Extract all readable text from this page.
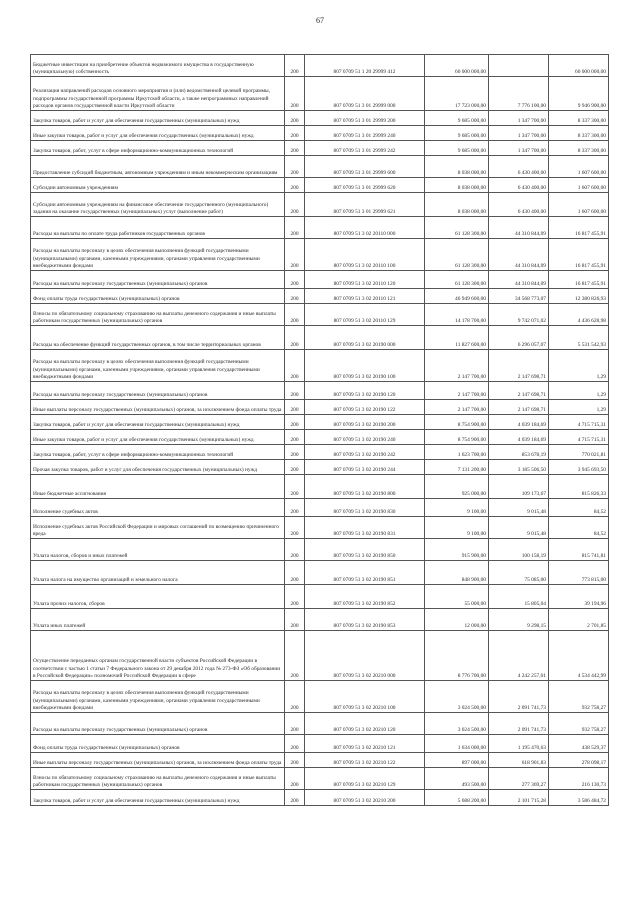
67
Бюджетные инвестиции на приобретение объектов недвижимого имущества в государственную (муниципальную) собственность	200	807 0709 51 1 20 29999 412	60 000 000,00		60 000 000,00
Реализация направлений расходов основного мероприятия и (или) ведомственной целевой программы, подпрограммы государственной программы Иркутской области, а также непрограммных направлений расходов органов государственной власти Иркутской области	200	807 0709 51 3 01 29999 000	17 723 000,00	7 776 100,00	9 946 900,00
Закупка товаров, работ и услуг для обеспечения государственных (муниципальных) нужд	200	807 0709 51 3 01 29999 200	9 685 000,00	1 347 700,00	8 337 300,00
Иные закупки товаров, работ и услуг для обеспечения государственных (муниципальных) нужд	200	807 0709 51 3 01 29999 240	9 685 000,00	1 347 700,00	8 337 300,00
Закупка товаров, работ, услуг в сфере информационно-коммуникационных технологий	200	807 0709 51 3 01 29999 242	9 685 000,00	1 347 700,00	8 337 300,00
Предоставление субсидий бюджетным, автономным учреждениям и иным некоммерческим организациям	200	807 0709 51 3 01 29999 600	8 038 000,00	6 430 400,00	1 607 600,00
Субсидии автономным учреждениям	200	807 0709 51 3 01 29999 620	8 038 000,00	6 430 400,00	1 607 600,00
Субсидии автономным учреждениям на финансовое обеспечение государственного (муниципального) задания на оказание государственных (муниципальных) услуг (выполнение работ)	200	807 0709 51 3 01 29999 621	8 038 000,00	6 430 400,00	1 607 600,00
Расходы на выплаты по оплате труда работников государственных органов	200	807 0709 51 3 02 20110 000	61 128 300,00	44 310 844,09	16 817 455,91
Расходы на выплаты персоналу в целях обеспечения выполнения функций государственными (муниципальными) органами, казенными учреждениями, органами управления государственными внебюджетными фондами	200	807 0709 51 3 02 20110 100	61 128 300,00	44 310 844,09	16 817 455,91
Расходы на выплаты персоналу государственных (муниципальных) органов	200	807 0709 51 3 02 20110 120	61 128 300,00	44 310 844,09	16 817 455,91
Фонд оплаты труда государственных (муниципальных) органов	200	807 0709 51 3 02 20110 121	46 949 600,00	34 568 773,07	12 380 826,93
Взносы по обязательному социальному страхованию на выплаты денежного содержания и иные выплаты работникам государственных (муниципальных) органов	200	807 0709 51 3 02 20110 129	14 178 700,00	9 742 071,02	4 436 628,98
Расходы на обеспечение функций государственных органов, в том числе территориальных органов	200	807 0709 51 3 02 20190 000	11 827 600,00	6 296 057,07	5 531 542,93
Расходы на выплаты персоналу в целях обеспечения выполнения функций государственными (муниципальными) органами, казенными учреждениями, органами управления государственными внебюджетными фондами	200	807 0709 51 3 02 20190 100	2 147 700,00	2 147 698,71	1,29
Расходы на выплаты персоналу государственных (муниципальных) органов	200	807 0709 51 3 02 20190 120	2 147 700,00	2 147 698,71	1,29
Иные выплаты персоналу государственных (муниципальных) органов, за исключением фонда оплаты труда	200	807 0709 51 3 02 20190 122	2 147 700,00	2 147 698,71	1,29
Закупка товаров, работ и услуг для обеспечения государственных (муниципальных) нужд	200	807 0709 51 3 02 20190 200	8 754 900,00	4 039 184,69	4 715 715,31
Иные закупки товаров, работ и услуг для обеспечения государственных (муниципальных) нужд	200	807 0709 51 3 02 20190 240	8 754 900,00	4 039 184,69	4 715 715,31
Закупка товаров, работ, услуг в сфере информационно-коммуникационных технологий	200	807 0709 51 3 02 20190 242	1 623 700,00	853 678,19	770 021,81
Прочая закупка товаров, работ и услуг для обеспечения государственных (муниципальных) нужд	200	807 0709 51 3 02 20190 244	7 131 200,00	3 185 506,50	3 945 693,50
Иные бюджетные ассигнования	200	807 0709 51 3 02 20190 800	925 000,00	109 173,67	815 826,33
Исполнение судебных актов	200	807 0709 51 3 02 20190 830	9 100,00	9 015,48	84,52
Исполнение судебных актов Российской Федерации и мировых соглашений по возмещению причиненного вреда	200	807 0709 51 3 02 20190 831	9 100,00	9 015,48	84,52
Уплата налогов, сборов и иных платежей	200	807 0709 51 3 02 20190 850	915 900,00	100 158,19	815 741,81
Уплата налога на имущество организаций и земельного налога	200	807 0709 51 3 02 20190 851	848 900,00	75 085,00	773 815,00
Уплата прочих налогов, сборов	200	807 0709 51 3 02 20190 852	55 000,00	15 805,04	39 194,96
Уплата иных платежей	200	807 0709 51 3 02 20190 853	12 000,00	9 298,15	2 701,85
Осуществление переданных органам государственной власти субъектов Российской Федерации в соответствии с частью 1 статьи 7 Федерального закона от 29 декабря 2012 года № 273-ФЗ «Об образовании в Российской Федерации» полномочий Российской Федерации в сфере	200	807 0709 51 3 02 20210 000	8 776 700,00	4 242 257,01	4 534 442,99
Расходы на выплаты персоналу в целях обеспечения выполнения функций государственными (муниципальными) органами, казенными учреждениями, органами управления государственными внебюджетными фондами	200	807 0709 51 3 02 20210 100	3 024 500,00	2 091 741,73	932 758,27
Расходы на выплаты персоналу государственных (муниципальных) органов	200	807 0709 51 3 02 20210 120	3 024 500,00	2 091 741,73	932 758,27
Фонд оплаты труда государственных (муниципальных) органов	200	807 0709 51 3 02 20210 121	1 634 000,00	1 195 470,63	438 529,37
Иные выплаты персоналу государственных (муниципальных) органов, за исключением фонда оплаты труда	200	807 0709 51 3 02 20210 122	897 000,00	618 901,83	278 098,17
Взносы по обязательному социальному страхованию на выплаты денежного содержания и иные выплаты работникам государственных (муниципальных) органов	200	807 0709 51 3 02 20210 129	493 500,00	277 369,27	216 130,73
Закупка товаров, работ и услуг для обеспечения государственных (муниципальных) нужд	200	807 0709 51 3 02 20210 200	5 688 200,00	2 101 715,28	3 586 484,72
